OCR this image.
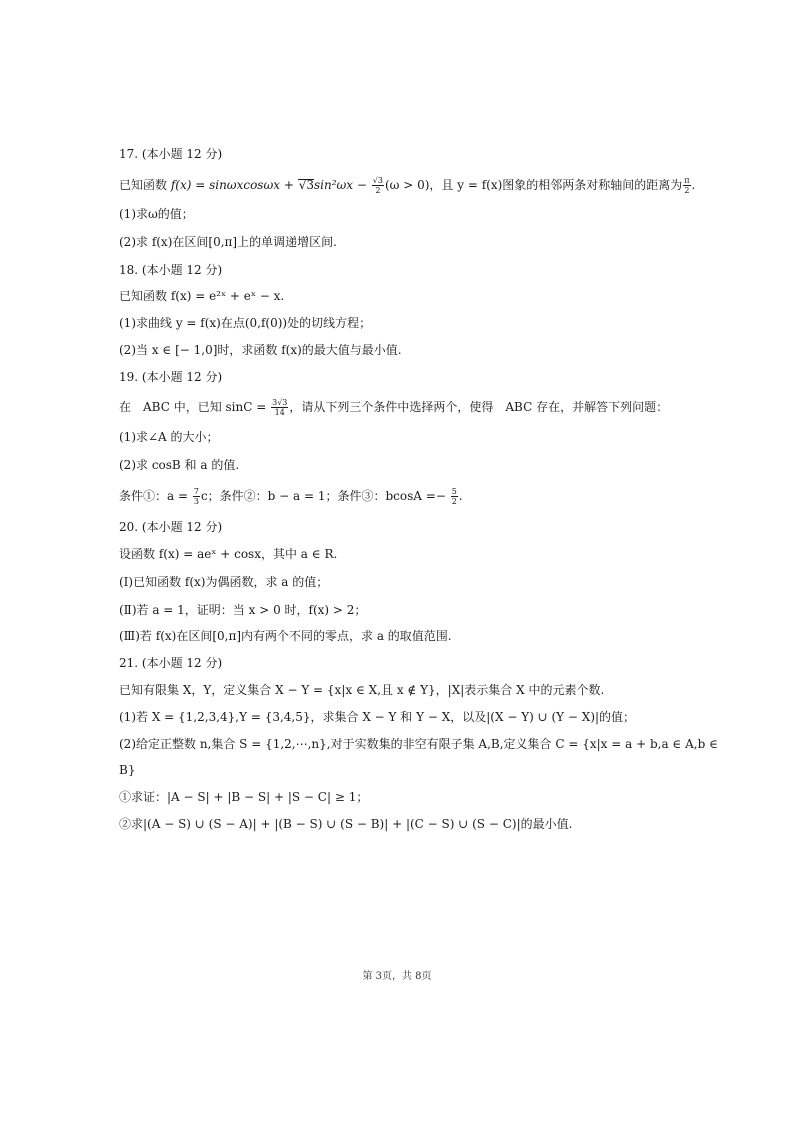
17. (本小题 12 分)
已知函数 $f(x) = \sin\omega xcos\omega x + √3\sin^2\omega x - \frac{√3}{2} (\omega > 0)$，且 y = f(x)图象的相邻两条对称轴间的距离为 $\frac{\pi}{2}$ .
(1)求ω的值；
(2)求 f(x)在区间[0,π]上的单调递增区间.
18. (本小题 12 分)
已知函数 f(x) = e²ˣ + eˣ − x.
(1)求曲线 y = f(x)在点(0,f(0))处的切线方程；
(2)当 x ∈ [− 1,0]时，求函数 f(x)的最大值与最小值.
19. (本小题 12 分)
在　ABC 中，已知 $\sin C = \frac{3√3}{14}$ ，请从下列三个条件中选择两个，使得　ABC 存在，并解答下列问题：
(1)求∠A 的大小；
(2)求 cosB 和 a 的值.
条件①：$a = \frac{7}{3}$ c；条件②：b − a = 1；条件③：$bcosA =- \frac{5}{2}$ .
20. (本小题 12 分)
设函数 f(x) = aeˣ + cosx，其中 a ∈ R.
(Ⅰ)已知函数 f(x)为偶函数，求 a 的值；
(Ⅱ)若 a = 1，证明：当 x > 0 时，f(x) > 2；
(Ⅲ)若 f(x)在区间[0,π]内有两个不同的零点，求 a 的取值范围.
21. (本小题 12 分)
已知有限集 X，Y，定义集合 X − Y = {x|x ∈ X,且 x ∉ Y}，|X|表示集合 X 中的元素个数.
(1)若 X = {1,2,3,4},Y = {3,4,5}，求集合 X − Y 和 Y − X，以及|(X − Y) ∪ (Y − X)|的值；
(2)给定正整数 n,集合 S = {1,2,⋯,n},对于实数集的非空有限子集 A,B,定义集合 C = {x|x = a + b,a ∈ A,b ∈
B}
①求证：|A − S| + |B − S| + |S − C| ≥ 1；
②求|(A − S) ∪ (S − A)| + |(B − S) ∪ (S − B)| + |(C − S) ∪ (S − C)|的最小值.
第 3页，共 8页
